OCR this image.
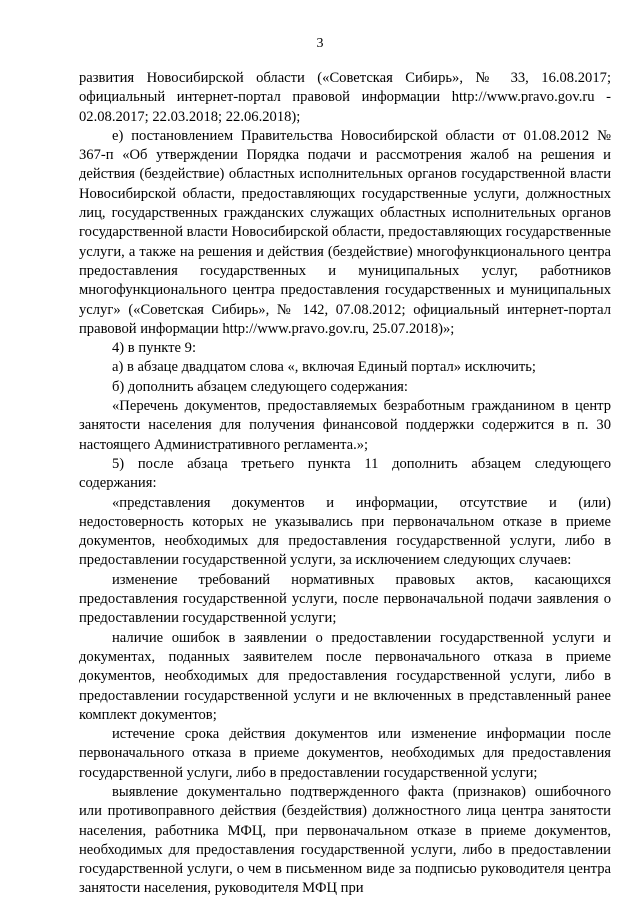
3

развития Новосибирской области («Советская Сибирь», № 33, 16.08.2017; официальный интернет-портал правовой информации http://www.pravo.gov.ru - 02.08.2017; 22.03.2018; 22.06.2018);

е) постановлением Правительства Новосибирской области от 01.08.2012 № 367-п «Об утверждении Порядка подачи и рассмотрения жалоб на решения и действия (бездействие) областных исполнительных органов государственной власти Новосибирской области, предоставляющих государственные услуги, должностных лиц, государственных гражданских служащих областных исполнительных органов государственной власти Новосибирской области, предоставляющих государственные услуги, а также на решения и действия (бездействие) многофункционального центра предоставления государственных и муниципальных услуг, работников многофункционального центра предоставления государственных и муниципальных услуг» («Советская Сибирь», № 142, 07.08.2012; официальный интернет-портал правовой информации http://www.pravo.gov.ru, 25.07.2018)»;

4) в пункте 9:

а) в абзаце двадцатом слова «, включая Единый портал» исключить;

б) дополнить абзацем следующего содержания:

«Перечень документов, предоставляемых безработным гражданином в центр занятости населения для получения финансовой поддержки содержится в п. 30 настоящего Административного регламента.»;

5) после абзаца третьего пункта 11 дополнить абзацем следующего содержания:

«представления документов и информации, отсутствие и (или) недостоверность которых не указывались при первоначальном отказе в приеме документов, необходимых для предоставления государственной услуги, либо в предоставлении государственной услуги, за исключением следующих случаев:

изменение требований нормативных правовых актов, касающихся предоставления государственной услуги, после первоначальной подачи заявления о предоставлении государственной услуги;

наличие ошибок в заявлении о предоставлении государственной услуги и документах, поданных заявителем после первоначального отказа в приеме документов, необходимых для предоставления государственной услуги, либо в предоставлении государственной услуги и не включенных в представленный ранее комплект документов;

истечение срока действия документов или изменение информации после первоначального отказа в приеме документов, необходимых для предоставления государственной услуги, либо в предоставлении государственной услуги;

выявление документально подтвержденного факта (признаков) ошибочного или противоправного действия (бездействия) должностного лица центра занятости населения, работника МФЦ, при первоначальном отказе в приеме документов, необходимых для предоставления государственной услуги, либо в предоставлении государственной услуги, о чем в письменном виде за подписью руководителя центра занятости населения, руководителя МФЦ при
